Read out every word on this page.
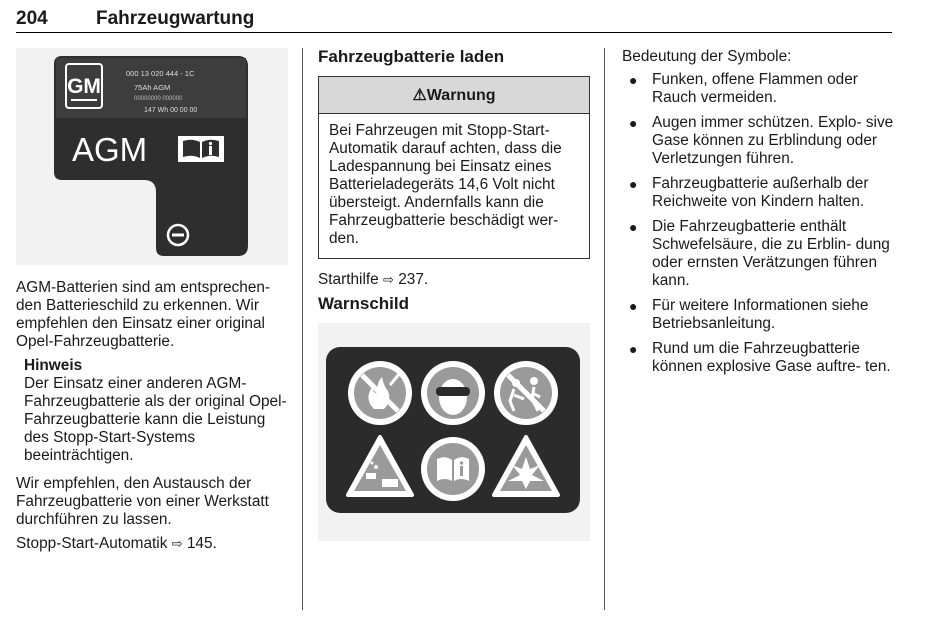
204	Fahrzeugwartung
GM
000 13 020 444 - 1C
75Ah AGM
00000000 000000
147 Wh 00 00 00
AGM

AGM-Batterien sind am entsprechen- den Batterieschild zu erkennen. Wir empfehlen den Einsatz einer original Opel-Fahrzeugbatterie.

Hinweis
Der Einsatz einer anderen AGM-Fahrzeugbatterie als der original Opel-Fahrzeugbatterie kann die Leistung des Stopp-Start-Systems beeinträchtigen.

Wir empfehlen, den Austausch der Fahrzeugbatterie von einer Werkstatt durchführen zu lassen.

Stopp-Start-Automatik ⇨ 145.

Fahrzeugbatterie laden
⚠Warnung
Bei Fahrzeugen mit Stopp-Start-Automatik darauf achten, dass die Ladespannung bei Einsatz eines Batterieladegeräts 14,6 Volt nicht übersteigt. Andernfalls kann die Fahrzeugbatterie beschädigt wer- den.

Starthilfe ⇨ 237.

Warnschild

Bedeutung der Symbole:

● Funken, offene Flammen oder Rauch vermeiden.
● Augen immer schützen. Explo- sive Gase können zu Erblindung oder Verletzungen führen.
● Fahrzeugbatterie außerhalb der Reichweite von Kindern halten.
● Die Fahrzeugbatterie enthält Schwefelsäure, die zu Erblin- dung oder ernsten Verätzungen führen kann.
● Für weitere Informationen siehe Betriebsanleitung.
● Rund um die Fahrzeugbatterie können explosive Gase auftre- ten.
